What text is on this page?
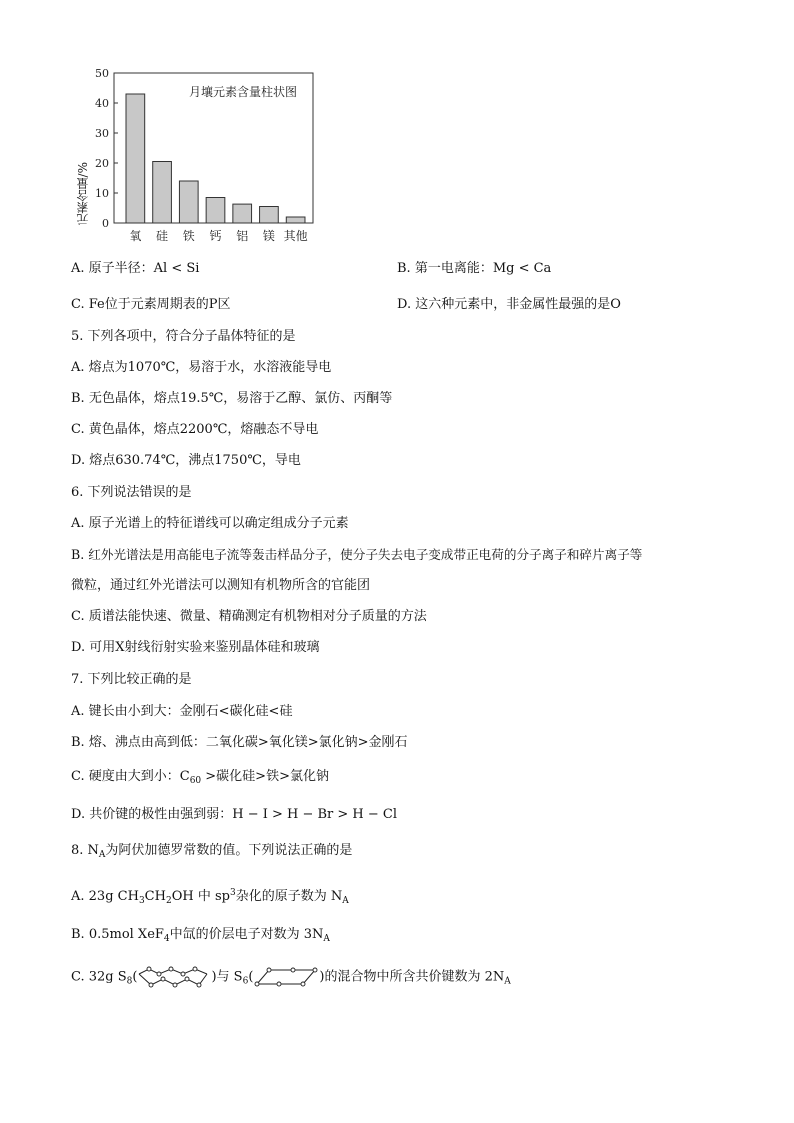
0
10
20
30
40
50
氧 硅 铁 钙 铝 镁 其他
月壤元素含量柱状图
元素含量/%
A. 原子半径：Al < Si	B. 第一电离能：Mg < Ca
C. Fe位于元素周期表的P区	D. 这六种元素中，非金属性最强的是O
5. 下列各项中，符合分子晶体特征的是
A. 熔点为1070℃，易溶于水，水溶液能导电
B. 无色晶体，熔点19.5℃，易溶于乙醇、氯仿、丙酮等
C. 黄色晶体，熔点2200℃，熔融态不导电
D. 熔点630.74℃，沸点1750℃，导电
6. 下列说法错误的是
A. 原子光谱上的特征谱线可以确定组成分子元素
B. 红外光谱法是用高能电子流等轰击样品分子，使分子失去电子变成带正电荷的分子离子和碎片离子等
微粒，通过红外光谱法可以测知有机物所含的官能团
C. 质谱法能快速、微量、精确测定有机物相对分子质量的方法
D. 可用X射线衍射实验来鉴别晶体硅和玻璃
7. 下列比较正确的是
A. 键长由小到大：金刚石<碳化硅<硅
B. 熔、沸点由高到低：二氧化碳>氧化镁>氯化钠>金刚石
C. 硬度由大到小：$C_{60}$ >碳化硅>铁>氯化钠
D. 共价键的极性由强到弱：H − I > H − Br > H − Cl
8. $N_A$为阿伏加德罗常数的值。下列说法正确的是
A. 23g $CH_3CH_2OH$ 中 $sp^3$杂化的原子数为 $N_A$
B. 0.5mol XeF$_4$中氙的价层电子对数为 $3N_A$
C. 32g $S_8$(	)与 $S_6$(	)的混合物中所含共价键数为 $2N_A$
